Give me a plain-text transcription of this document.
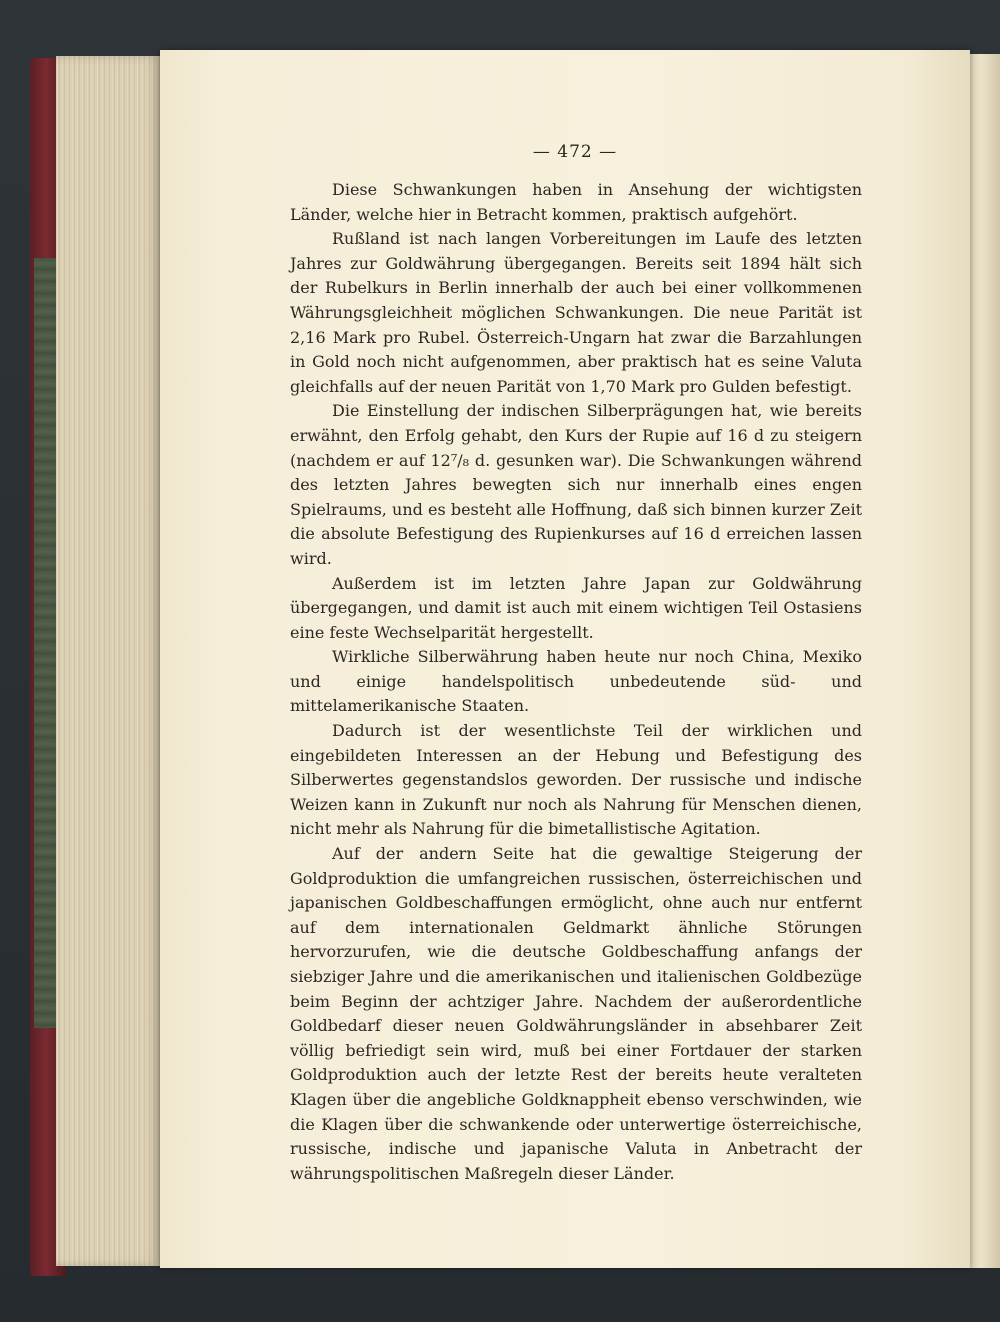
— 472 —

Diese Schwankungen haben in Ansehung der wichtigsten Länder, welche hier in Betracht kommen, praktisch aufgehört.

Rußland ist nach langen Vorbereitungen im Laufe des letzten Jahres zur Goldwährung übergegangen. Bereits seit 1894 hält sich der Rubelkurs in Berlin innerhalb der auch bei einer vollkommenen Währungsgleichheit möglichen Schwankungen. Die neue Parität ist 2,16 Mark pro Rubel. Österreich-Ungarn hat zwar die Barzahlungen in Gold noch nicht aufgenommen, aber praktisch hat es seine Valuta gleichfalls auf der neuen Parität von 1,70 Mark pro Gulden befestigt.

Die Einstellung der indischen Silberprägungen hat, wie bereits erwähnt, den Erfolg gehabt, den Kurs der Rupie auf 16 d zu steigern (nachdem er auf 12⁷/₈ d. gesunken war). Die Schwankungen während des letzten Jahres bewegten sich nur innerhalb eines engen Spielraums, und es besteht alle Hoffnung, daß sich binnen kurzer Zeit die absolute Befestigung des Rupienkurses auf 16 d erreichen lassen wird.

Außerdem ist im letzten Jahre Japan zur Goldwährung übergegangen, und damit ist auch mit einem wichtigen Teil Ostasiens eine feste Wechselparität hergestellt.

Wirkliche Silberwährung haben heute nur noch China, Mexiko und einige handelspolitisch unbedeutende süd- und mittelamerikanische Staaten.

Dadurch ist der wesentlichste Teil der wirklichen und eingebildeten Interessen an der Hebung und Befestigung des Silberwertes gegenstandslos geworden. Der russische und indische Weizen kann in Zukunft nur noch als Nahrung für Menschen dienen, nicht mehr als Nahrung für die bimetallistische Agitation.

Auf der andern Seite hat die gewaltige Steigerung der Goldproduktion die umfangreichen russischen, österreichischen und japanischen Goldbeschaffungen ermöglicht, ohne auch nur entfernt auf dem internationalen Geldmarkt ähnliche Störungen hervorzurufen, wie die deutsche Goldbeschaffung anfangs der siebziger Jahre und die amerikanischen und italienischen Goldbezüge beim Beginn der achtziger Jahre. Nachdem der außerordentliche Goldbedarf dieser neuen Goldwährungsländer in absehbarer Zeit völlig befriedigt sein wird, muß bei einer Fortdauer der starken Goldproduktion auch der letzte Rest der bereits heute veralteten Klagen über die angebliche Goldknappheit ebenso verschwinden, wie die Klagen über die schwankende oder unterwertige österreichische, russische, indische und japanische Valuta in Anbetracht der währungspolitischen Maßregeln dieser Länder.
